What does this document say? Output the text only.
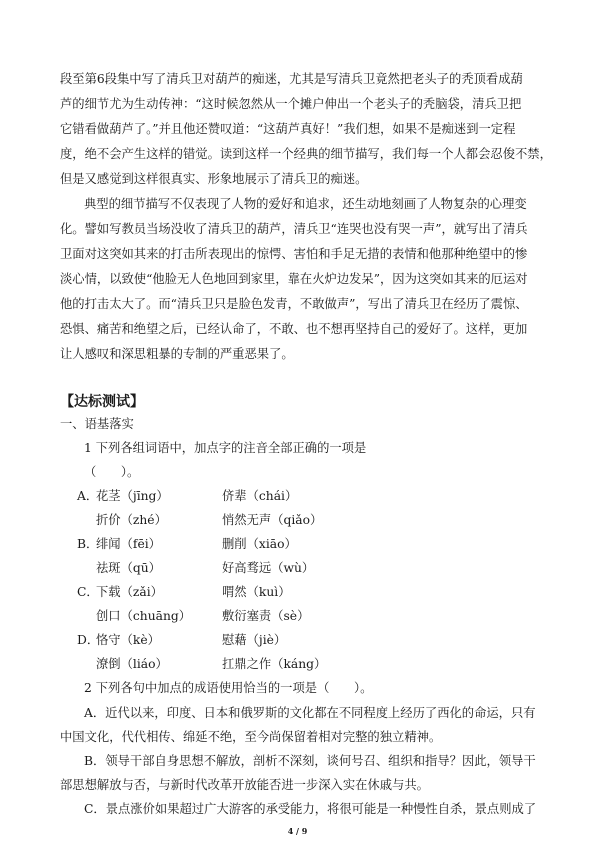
段至第6段集中写了清兵卫对葫芦的痴迷，尤其是写清兵卫竟然把老头子的秃顶看成葫
芦的细节尤为生动传神：“这时候忽然从一个摊户伸出一个老头子的秃脑袋，清兵卫把
它错看做葫芦了。”并且他还赞叹道：“这葫芦真好！”我们想，如果不是痴迷到一定程
度，绝不会产生这样的错觉。读到这样一个经典的细节描写，我们每一个人都会忍俊不禁，
但是又感觉到这样很真实、形象地展示了清兵卫的痴迷。
典型的细节描写不仅表现了人物的爱好和追求，还生动地刻画了人物复杂的心理变
化。譬如写教员当场没收了清兵卫的葫芦，清兵卫“连哭也没有哭一声”，就写出了清兵
卫面对这突如其来的打击所表现出的惊愕、害怕和手足无措的表情和他那种绝望中的惨
淡心情，以致使“他脸无人色地回到家里，靠在火炉边发呆”，因为这突如其来的厄运对
他的打击太大了。而“清兵卫只是脸色发青，不敢做声”，写出了清兵卫在经历了震惊、
恐惧、痛苦和绝望之后，已经认命了，不敢、也不想再坚持自己的爱好了。这样，更加
让人感叹和深思粗暴的专制的严重恶果了。
【达标测试】
一、语基落实
1 下列各组词语中，加点字的注音全部正确的一项是
（　　）。
A．
花茎（jīng）	侪辈（chái）
折价（zhé）	悄然无声（qiǎo）
B．
绯闻（fēi）	删削（xiāo）
祛斑（qū）	好高骛远（wù）
C．
下载（zǎi）	喟然（kuì）
创口（chuāng）	敷衍塞责（sè）
D．
恪守（kè）	慰藉（jiè）
潦倒（liáo）	扛鼎之作（káng）
2 下列各句中加点的成语使用恰当的一项是（　　）。
A．近代以来，印度、日本和俄罗斯的文化都在不同程度上经历了西化的命运，只有
中国文化，代代相传、绵延不绝，至今尚保留着相对完整的独立精神。
B．领导干部自身思想不解放，剖析不深刻，谈何号召、组织和指导？因此，领导干
部思想解放与否，与新时代改革开放能否进一步深入实在休戚与共。
C．景点涨价如果超过广大游客的承受能力，将很可能是一种慢性自杀，景点则成了
4 / 9
